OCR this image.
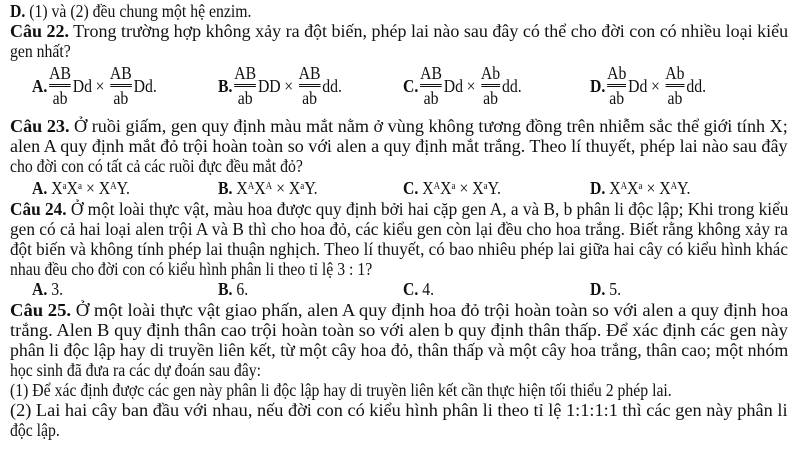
D. (1) và (2) đều chung một hệ enzim.
Câu 22. Trong trường hợp không xảy ra đột biến, phép lai nào sau đây có thể cho đời con có nhiều loại kiểu
gen nhất?
A. $\frac{AB}{ab}$ $Dd \times \frac{AB}{ab} Dd$.	B. $\frac{AB}{ab}$ DD × $\frac{AB}{ab}$ dd.	C. $\frac{AB}{ab}$ $Dd \times \frac{Ab}{ab}$ dd.	D. $\frac{Ab}{ab}$ $Dd \times \frac{Ab}{ab}$ dd.
Câu 23. Ở ruồi giấm, gen quy định màu mắt nằm ở vùng không tương đồng trên nhiễm sắc thể giới tính X;
alen A quy định mắt đỏ trội hoàn toàn so với alen a quy định mắt trắng. Theo lí thuyết, phép lai nào sau đây
cho đời con có tất cả các ruồi đực đều mắt đỏ?
A. $X^aX^a \times X^AY$.	B. $X^AX^A \times X^aY$.	C. $X^AX^a \times X^aY$.	D. $X^AX^a \times X^AY$.
Câu 24. Ở một loài thực vật, màu hoa được quy định bởi hai cặp gen A, a và B, b phân li độc lập; Khi trong kiểu
gen có cả hai loại alen trội A và B thì cho hoa đỏ, các kiểu gen còn lại đều cho hoa trắng. Biết rằng không xảy ra
đột biến và không tính phép lai thuận nghịch. Theo lí thuyết, có bao nhiêu phép lai giữa hai cây có kiểu hình khác
nhau đều cho đời con có kiểu hình phân li theo tỉ lệ 3 : 1?
A. 3.	B. 6.	C. 4.	D. 5.
Câu 25. Ở một loài thực vật giao phấn, alen A quy định hoa đỏ trội hoàn toàn so với alen a quy định hoa
trắng. Alen B quy định thân cao trội hoàn toàn so với alen b quy định thân thấp. Để xác định các gen này
phân li độc lập hay di truyền liên kết, từ một cây hoa đỏ, thân thấp và một cây hoa trắng, thân cao; một nhóm
học sinh đã đưa ra các dự đoán sau đây:
(1) Để xác định được các gen này phân li độc lập hay di truyền liên kết cần thực hiện tối thiểu 2 phép lai.
(2) Lai hai cây ban đầu với nhau, nếu đời con có kiểu hình phân li theo tỉ lệ 1:1:1:1 thì các gen này phân li
độc lập.
